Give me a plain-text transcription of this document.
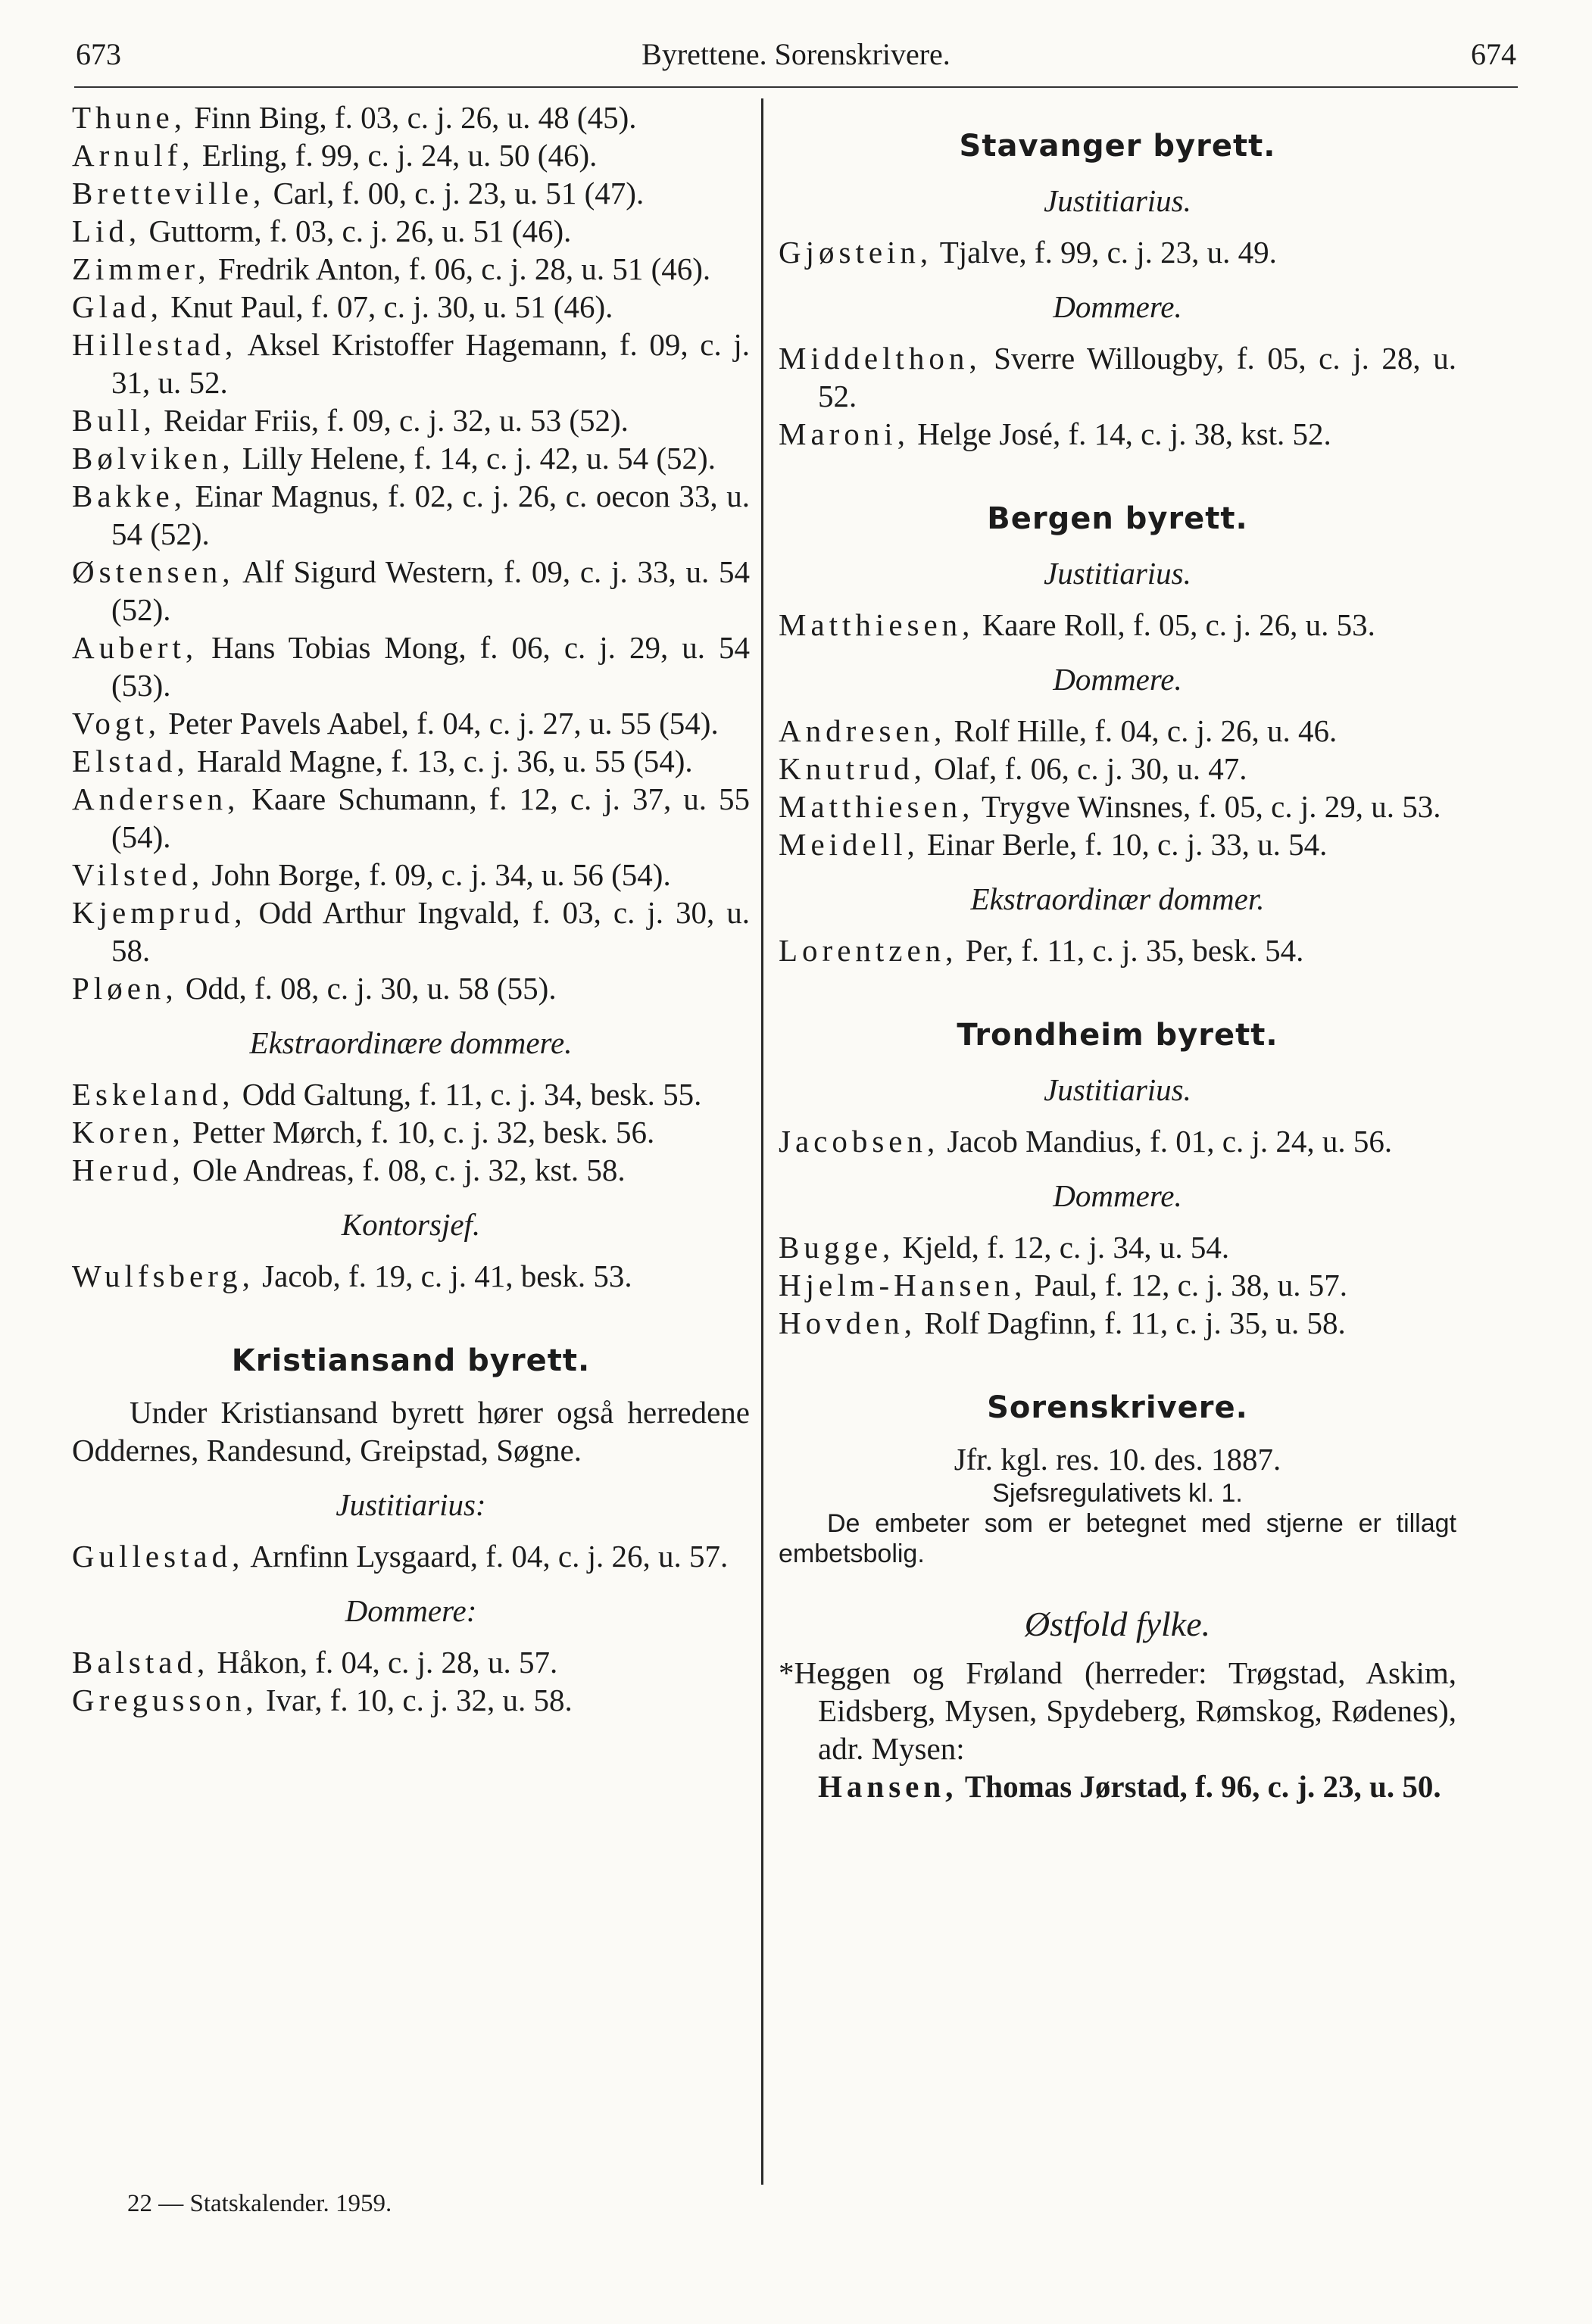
673	Byrettene. Sorenskrivere.	674
Thune, Finn Bing, f. 03, c. j. 26, u. 48 (45).
Arnulf, Erling, f. 99, c. j. 24, u. 50 (46).
Bretteville, Carl, f. 00, c. j. 23, u. 51 (47).
Lid, Guttorm, f. 03, c. j. 26, u. 51 (46).
Zimmer, Fredrik Anton, f. 06, c. j. 28, u. 51 (46).
Glad, Knut Paul, f. 07, c. j. 30, u. 51 (46).
Hillestad, Aksel Kristoffer Hagemann, f. 09, c. j. 31, u. 52.
Bull, Reidar Friis, f. 09, c. j. 32, u. 53 (52).
Bølviken, Lilly Helene, f. 14, c. j. 42, u. 54 (52).
Bakke, Einar Magnus, f. 02, c. j. 26, c. oecon 33, u. 54 (52).
Østensen, Alf Sigurd Western, f. 09, c. j. 33, u. 54 (52).
Aubert, Hans Tobias Mong, f. 06, c. j. 29, u. 54 (53).
Vogt, Peter Pavels Aabel, f. 04, c. j. 27, u. 55 (54).
Elstad, Harald Magne, f. 13, c. j. 36, u. 55 (54).
Andersen, Kaare Schumann, f. 12, c. j. 37, u. 55 (54).
Vilsted, John Borge, f. 09, c. j. 34, u. 56 (54).
Kjemprud, Odd Arthur Ingvald, f. 03, c. j. 30, u. 58.
Pløen, Odd, f. 08, c. j. 30, u. 58 (55).
Ekstraordinære dommere.
Eskeland, Odd Galtung, f. 11, c. j. 34, besk. 55.
Koren, Petter Mørch, f. 10, c. j. 32, besk. 56.
Herud, Ole Andreas, f. 08, c. j. 32, kst. 58.
Kontorsjef.
Wulfsberg, Jacob, f. 19, c. j. 41, besk. 53.
Kristiansand byrett.
Under Kristiansand byrett hører også herredene Oddernes, Randesund, Greipstad, Søgne.
Justitiarius:
Gullestad, Arnfinn Lysgaard, f. 04, c. j. 26, u. 57.
Dommere:
Balstad, Håkon, f. 04, c. j. 28, u. 57.
Gregusson, Ivar, f. 10, c. j. 32, u. 58.
22 — Statskalender. 1959.
Stavanger byrett.
Justitiarius.
Gjøstein, Tjalve, f. 99, c. j. 23, u. 49.
Dommere.
Middelthon, Sverre Willougby, f. 05, c. j. 28, u. 52.
Maroni, Helge José, f. 14, c. j. 38, kst. 52.
Bergen byrett.
Justitiarius.
Matthiesen, Kaare Roll, f. 05, c. j. 26, u. 53.
Dommere.
Andresen, Rolf Hille, f. 04, c. j. 26, u. 46.
Knutrud, Olaf, f. 06, c. j. 30, u. 47.
Matthiesen, Trygve Winsnes, f. 05, c. j. 29, u. 53.
Meidell, Einar Berle, f. 10, c. j. 33, u. 54.
Ekstraordinær dommer.
Lorentzen, Per, f. 11, c. j. 35, besk. 54.
Trondheim byrett.
Justitiarius.
Jacobsen, Jacob Mandius, f. 01, c. j. 24, u. 56.
Dommere.
Bugge, Kjeld, f. 12, c. j. 34, u. 54.
Hjelm-Hansen, Paul, f. 12, c. j. 38, u. 57.
Hovden, Rolf Dagfinn, f. 11, c. j. 35, u. 58.
Sorenskrivere.
Jfr. kgl. res. 10. des. 1887.
Sjefsregulativets kl. 1.
De embeter som er betegnet med stjerne er tillagt embetsbolig.
Østfold fylke.
*Heggen og Frøland (herreder: Trøgstad, Askim, Eidsberg, Mysen, Spydeberg, Rømskog, Rødenes), adr. Mysen:
Hansen, Thomas Jørstad, f. 96, c. j. 23, u. 50.
